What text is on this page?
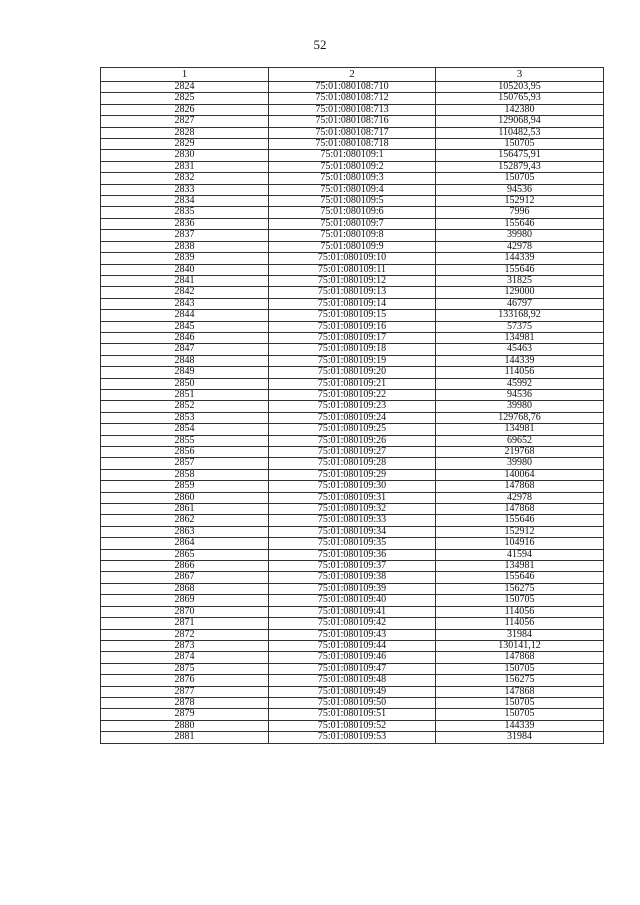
52
1	2	3
2824	75:01:080108:710	105203,95
2825	75:01:080108:712	150765,93
2826	75:01:080108:713	142380
2827	75:01:080108:716	129068,94
2828	75:01:080108:717	110482,53
2829	75:01:080108:718	150705
2830	75:01:080109:1	156475,91
2831	75:01:080109:2	152879,43
2832	75:01:080109:3	150705
2833	75:01:080109:4	94536
2834	75:01:080109:5	152912
2835	75:01:080109:6	7996
2836	75:01:080109:7	155646
2837	75:01:080109:8	39980
2838	75:01:080109:9	42978
2839	75:01:080109:10	144339
2840	75:01:080109:11	155646
2841	75:01:080109:12	31825
2842	75:01:080109:13	129000
2843	75:01:080109:14	46797
2844	75:01:080109:15	133168,92
2845	75:01:080109:16	57375
2846	75:01:080109:17	134981
2847	75:01:080109:18	45463
2848	75:01:080109:19	144339
2849	75:01:080109:20	114056
2850	75:01:080109:21	45992
2851	75:01:080109:22	94536
2852	75:01:080109:23	39980
2853	75:01:080109:24	129768,76
2854	75:01:080109:25	134981
2855	75:01:080109:26	69652
2856	75:01:080109:27	219768
2857	75:01:080109:28	39980
2858	75:01:080109:29	140064
2859	75:01:080109:30	147868
2860	75:01:080109:31	42978
2861	75:01:080109:32	147868
2862	75:01:080109:33	155646
2863	75:01:080109:34	152912
2864	75:01:080109:35	104916
2865	75:01:080109:36	41594
2866	75:01:080109:37	134981
2867	75:01:080109:38	155646
2868	75:01:080109:39	156275
2869	75:01:080109:40	150705
2870	75:01:080109:41	114056
2871	75:01:080109:42	114056
2872	75:01:080109:43	31984
2873	75:01:080109:44	130141,12
2874	75:01:080109:46	147868
2875	75:01:080109:47	150705
2876	75:01:080109:48	156275
2877	75:01:080109:49	147868
2878	75:01:080109:50	150705
2879	75:01:080109:51	150705
2880	75:01:080109:52	144339
2881	75:01:080109:53	31984
